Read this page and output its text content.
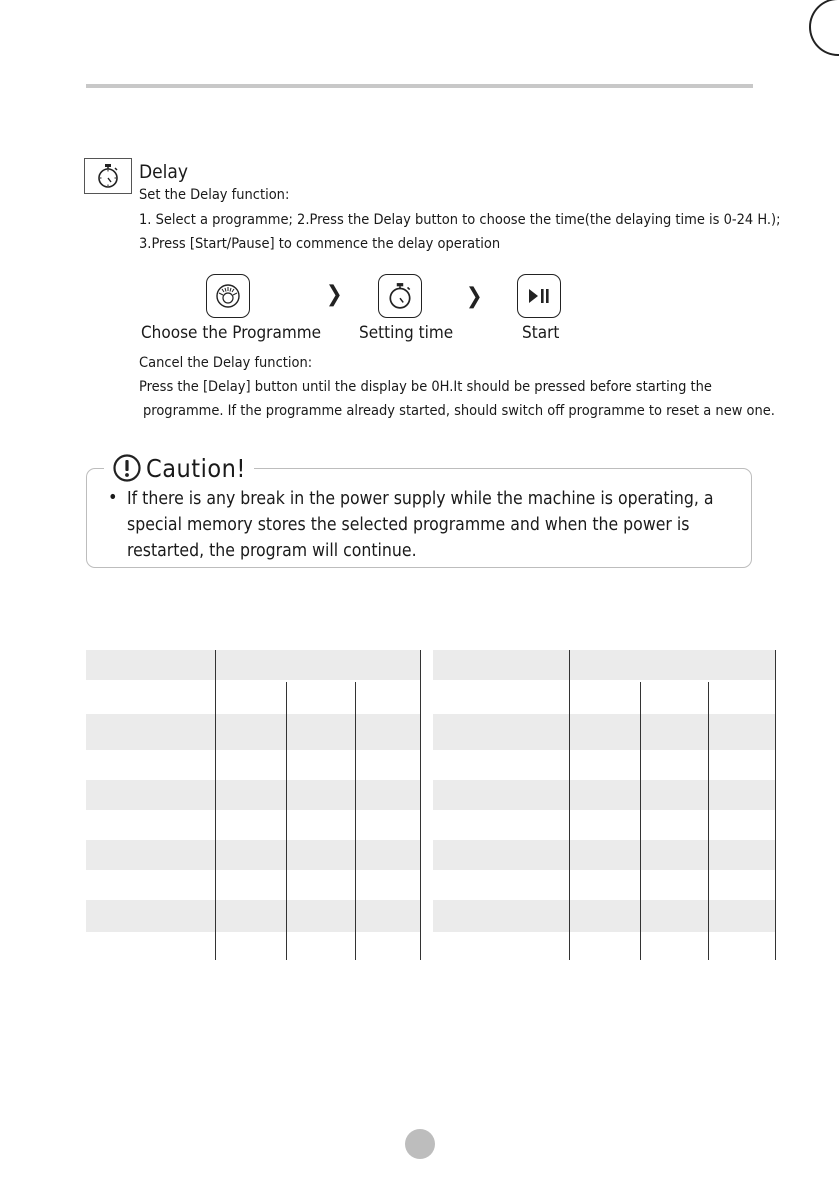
Delay
Set the Delay function:
1. Select a programme; 2.Press the Delay button to choose the time(the delaying time is 0-24 H.);
3.Press [Start/Pause] to commence the delay operation
❯	❯
Choose the Programme Setting time	Start
Cancel the Delay function:
Press the [Delay] button until the display be 0H.It should be pressed before starting the
programme. If the programme already started, should switch off programme to reset a new one.
Caution!
• If there is any break in the power supply while the machine is operating, a special memory stores the selected programme and when the power is restarted, the program will continue.
